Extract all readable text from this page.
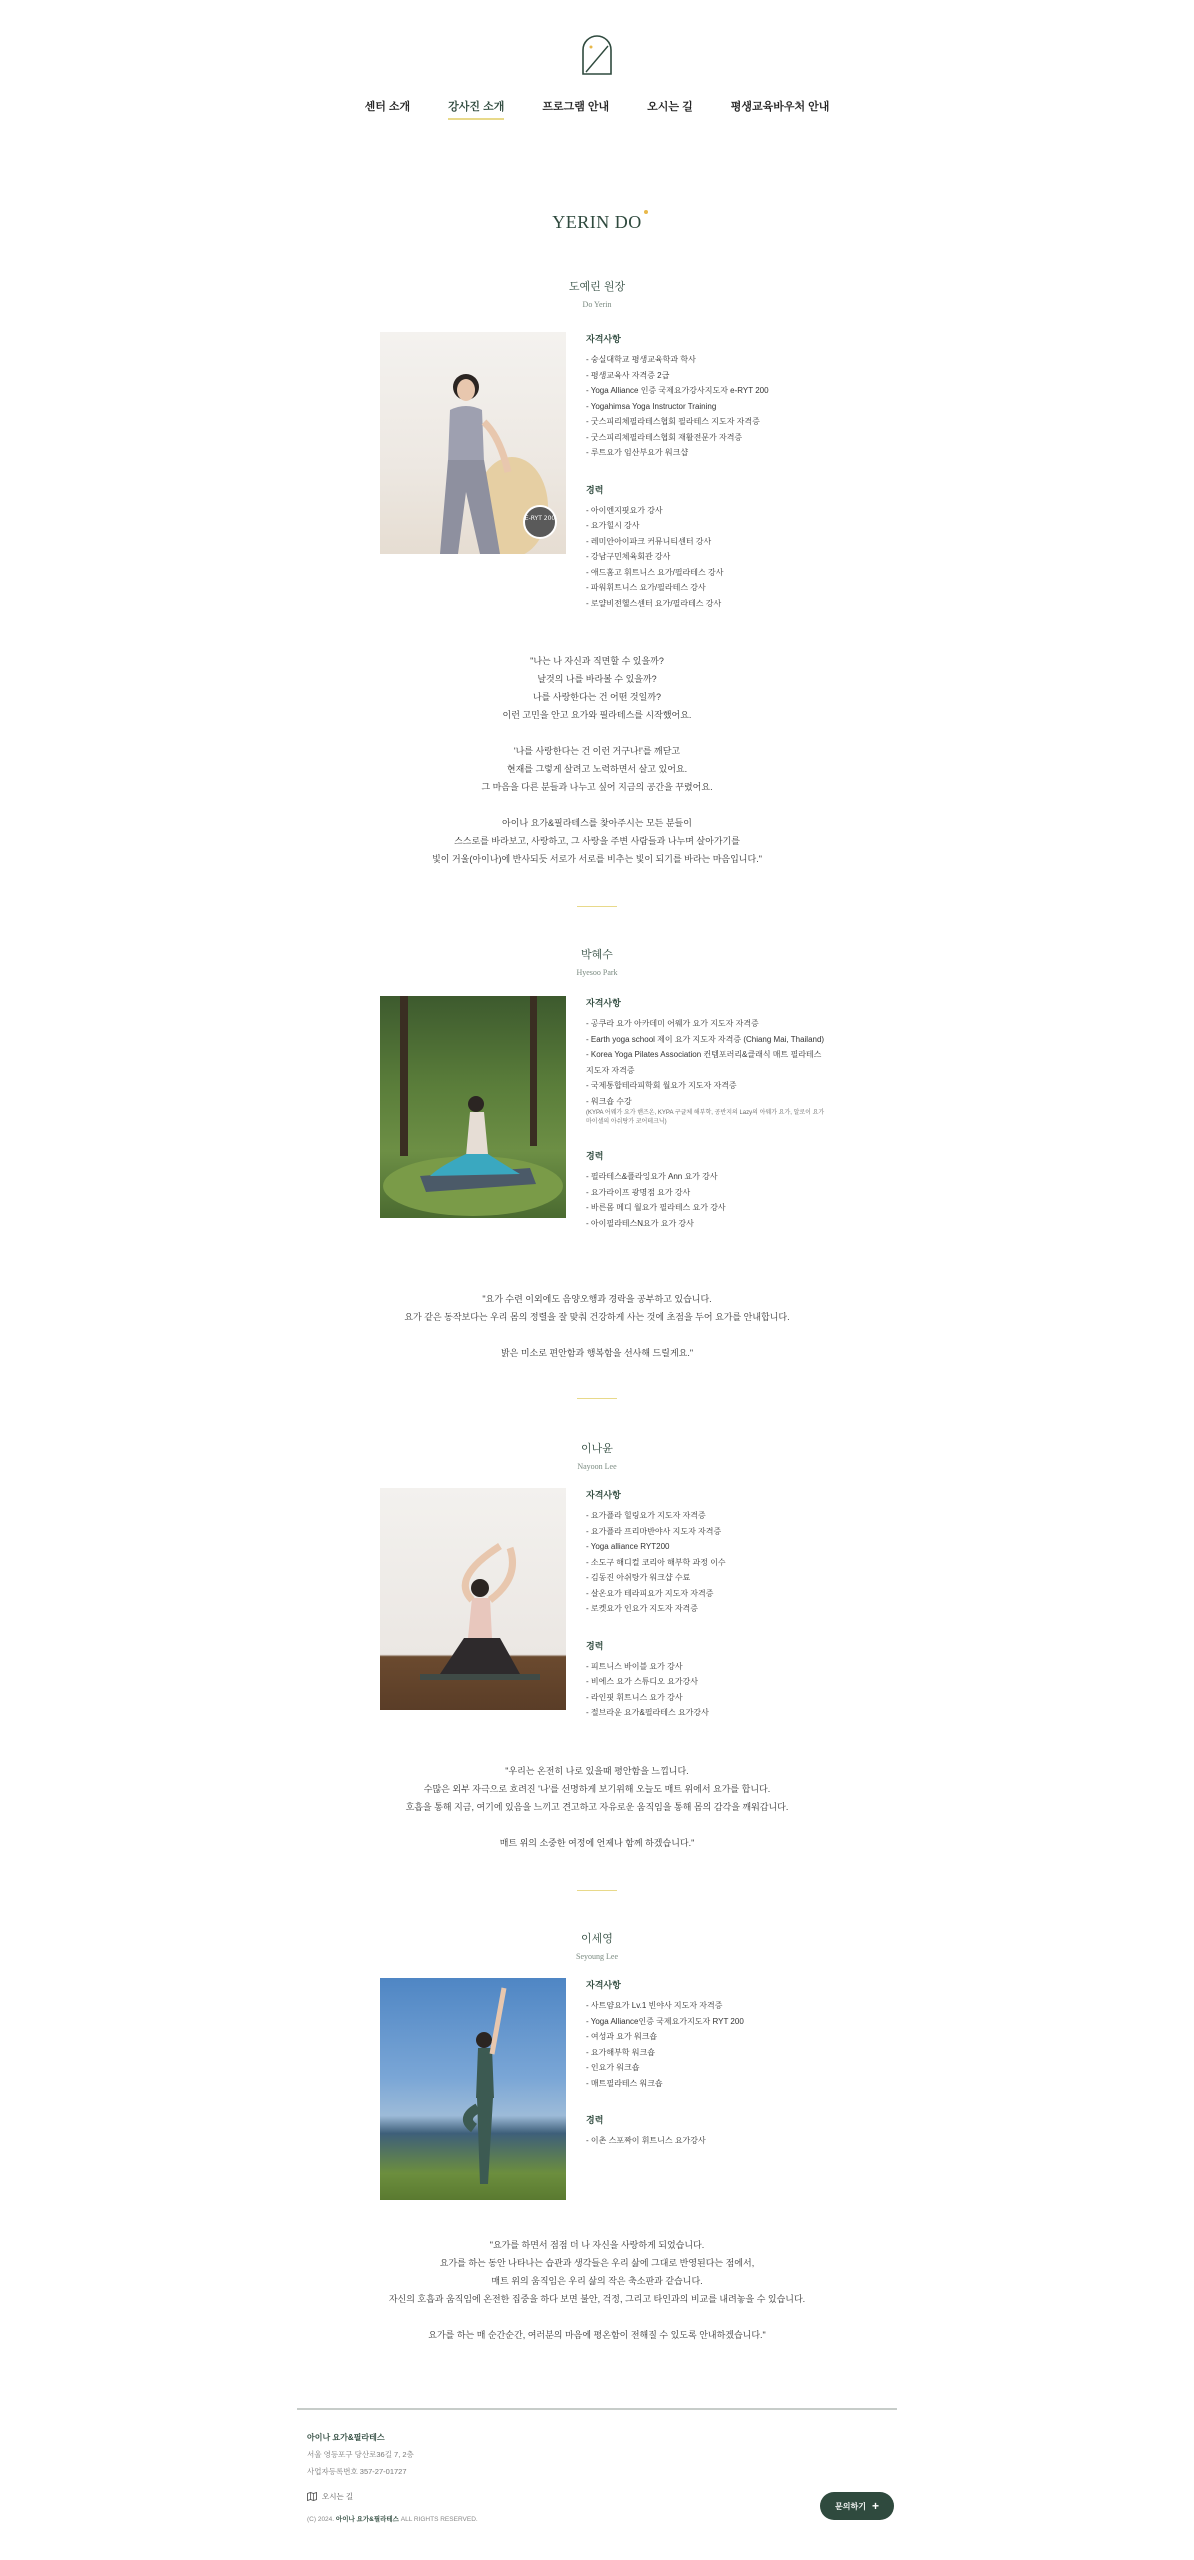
센터 소개	강사진 소개	프로그램 안내	오시는 길	평생교육바우처 안내
YERIN DO
도예린 원장
Do Yerin
E-RYT 200
자격사항
- 숭실대학교 평생교육학과 학사
- 평생교육사 자격증 2급
- Yoga Alliance 인증 국제요가강사지도자 e-RYT 200
- Yogahimsa Yoga Instructor Training
- 굿스피리체필라테스협회 필라테스 지도자 자격증
- 굿스피리체필라테스협회 재활전문가 자격증
- 루트요가 임산부요가 워크샵
경력
- 아이엔지핏요가 강사
- 요가힐시 강사
- 레미안아이파크 커뮤니티센터 강사
- 강남구민체육회관 강사
- 애드홈고 휘트니스 요가/필라테스 강사
- 파워휘트니스 요가/필라테스 강사
- 로얄비전헬스센터 요가/필라테스 강사

"나는 나 자신과 직면할 수 있을까?

날것의 나를 바라볼 수 있을까?

나를 사랑한다는 건 어떤 것일까?

이런 고민을 안고 요가와 필라테스를 시작했어요.

'나를 사랑한다는 건 이런 거구나!'를 깨닫고

현재를 그렇게 살려고 노력하면서 살고 있어요.

그 마음을 다른 분들과 나누고 싶어 지금의 공간을 꾸렸어요.

아이나 요가&필라테스를 찾아주시는 모든 분들이

스스로를 바라보고, 사랑하고, 그 사랑을 주변 사람들과 나누며 살아가기를

빛이 거울(아이나)에 반사되듯 서로가 서로를 비추는 빛이 되기를 바라는 마음입니다."

박혜수
Hyesoo Park
자격사항
- 공쿠라 요가 아카데미 어웨가 요가 지도자 자격증
- Earth yoga school 제이 요가 지도자 자격증 (Chiang Mai, Thailand)
- Korea Yoga Pilates Association 컨템포러리&클래식 매트 필라테스 지도자 자격증
- 국제통합테라피학회 월요가 지도자 자격증
- 워크숍 수강
(KYPA 어웨가 요가 핸즈온, KYPA 구글체 해부학, 공반지의 Lazy의 아웨가 요가, 알로이 요가 마이셀의 아쉬탕가 코어테크닉)
경력
- 필라테스&플라잉요가 Ann 요가 강사
- 요가라이프 광명점 요가 강사
- 바른몸 메디 월요가 필라테스 요가 강사
- 아이필라테스N요가 요가 강사

"요가 수련 이외에도 음양오행과 경락을 공부하고 있습니다.

요가 같은 동작보다는 우리 몸의 정렬을 잘 맞춰 건강하게 사는 것에 초점을 두어 요가를 안내합니다.

밝은 미소로 편안함과 행복함을 선사해 드릴게요."

이나윤
Nayoon Lee
자격사항
- 요가플라 힐링요가 지도자 자격증
- 요가플라 프리마반야사 지도자 자격증
- Yoga alliance RYT200
- 소도구 해디컬 코리아 해부학 과정 이수
- 김동진 아쉬탕가 워크샵 수료
- 살온요가 테라피요가 지도자 자격증
- 로켓요가 인요가 지도자 자격증
경력
- 피트니스 바이블 요가 강사
- 비에스 요가 스튜디오 요가강사
- 라인핏 휘트니스 요가 강사
- 절브라운 요가&필라테스 요가강사

"우리는 온전히 나로 있을때 평안함을 느낍니다.

수많은 외부 자극으로 흐려진 '나'를 선명하게 보기위해 오늘도 매트 위에서 요가를 합니다.

호흡을 통해 지금, 여기에 있음을 느끼고 견고하고 자유로운 움직임을 통해 몸의 감각을 깨워갑니다.

매트 위의 소중한 여정에 언제나 함께 하겠습니다."

이세영
Seyoung Lee
자격사항
- 사트얌요가 Lv.1 빈야사 지도자 자격증
- Yoga Alliance인증 국제요가지도자 RYT 200
- 여성과 요가 워크숍
- 요가해부학 워크숍
- 인요가 워크숍
- 매트필라테스 워크숍
경력
- 이촌 스포짜이 휘트니스 요가강사

"요가를 하면서 점점 더 나 자신을 사랑하게 되었습니다.

요가를 하는 동안 나타나는 습관과 생각들은 우리 삶에 그대로 반영된다는 점에서,

매트 위의 움직임은 우리 삶의 작은 축소판과 같습니다.

자신의 호흡과 움직임에 온전한 집중을 하다 보면 불안, 걱정, 그리고 타인과의 비교를 내려놓을 수 있습니다.

요가를 하는 매 순간순간, 여러분의 마음에 평온함이 전해질 수 있도록 안내하겠습니다."

아이나 요가&필라테스
서울 영등포구 당산로36길 7, 2층
사업자등록번호 357-27-01727
오시는 길
(C) 2024. 아이나 요가&필라테스 ALL RIGHTS RESERVED.
문의하기 +
